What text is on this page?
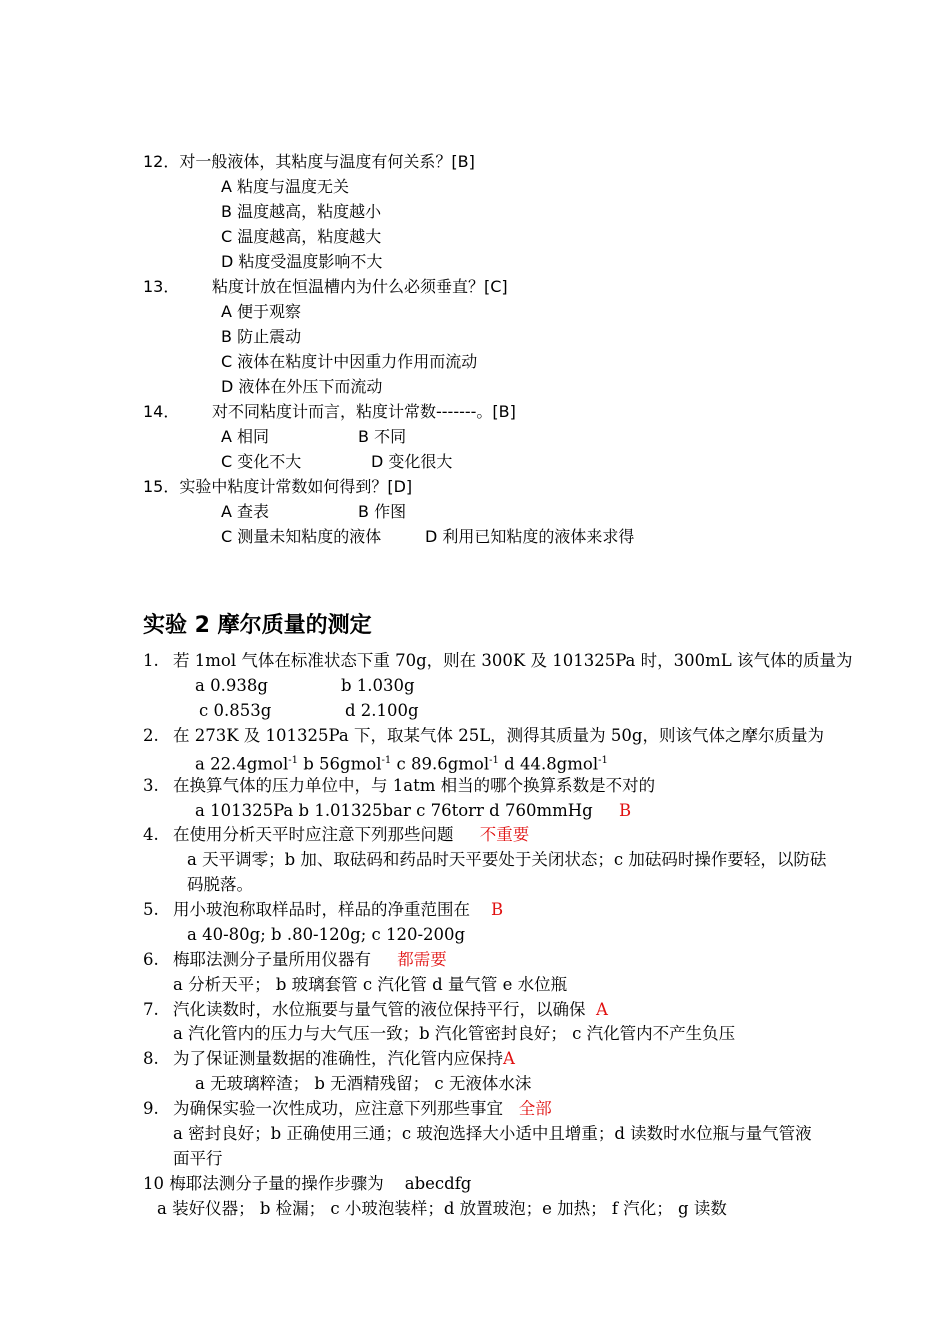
12．对一般液体，其粘度与温度有何关系？[B]
A 粘度与温度无关
B 温度越高，粘度越小
C 温度越高，粘度越大
D 粘度受温度影响不大
13． 粘度计放在恒温槽内为什么必须垂直？[C]
A 便于观察
B 防止震动
C 液体在粘度计中因重力作用而流动
D 液体在外压下而流动
14． 对不同粘度计而言，粘度计常数-------。[B]
A 相同	B 不同
C 变化不大	D 变化很大
15．实验中粘度计常数如何得到？[D]
A 查表	B 作图
C 测量未知粘度的液体	D 利用已知粘度的液体来求得
实验 2 摩尔质量的测定
1. 若 1mol 气体在标准状态下重 70g，则在 300K 及 101325Pa 时，300mL 该气体的质量为
a 0.938g	b 1.030g
c 0.853g	d 2.100g
2. 在 273K 及 101325Pa 下，取某气体 25L，测得其质量为 50g，则该气体之摩尔质量为
a 22.4gmol$^{-1}$ b 56gmol$^{-1}$ c 89.6gmol$^{-1}$ d 44.8gmol$^{-1}$
3. 在换算气体的压力单位中，与 1atm 相当的哪个换算系数是不对的
a 101325Pa b 1.01325bar c 76torr d 760mmHg B
4. 在使用分析天平时应注意下列那些问题 不重要
a 天平调零；b 加、取砝码和药品时天平要处于关闭状态；c 加砝码时操作要轻，以防砝
码脱落。
5. 用小玻泡称取样品时，样品的净重范围在 B
a 40-80g; b .80-120g; c 120-200g
6. 梅耶法测分子量所用仪器有 都需要
a 分析天平； b 玻璃套管 c 汽化管 d 量气管 e 水位瓶
7. 汽化读数时，水位瓶要与量气管的液位保持平行，以确保 A
a 汽化管内的压力与大气压一致；b 汽化管密封良好； c 汽化管内不产生负压
8. 为了保证测量数据的准确性，汽化管内应保持A
a 无玻璃粹渣； b 无酒精残留； c 无液体水沫
9. 为确保实验一次性成功，应注意下列那些事宜 全部
a 密封良好；b 正确使用三通；c 玻泡选择大小适中且增重；d 读数时水位瓶与量气管液
面平行
10 梅耶法测分子量的操作步骤为 abecdfg
a 装好仪器； b 检漏； c 小玻泡装样；d 放置玻泡；e 加热； f 汽化； g 读数
